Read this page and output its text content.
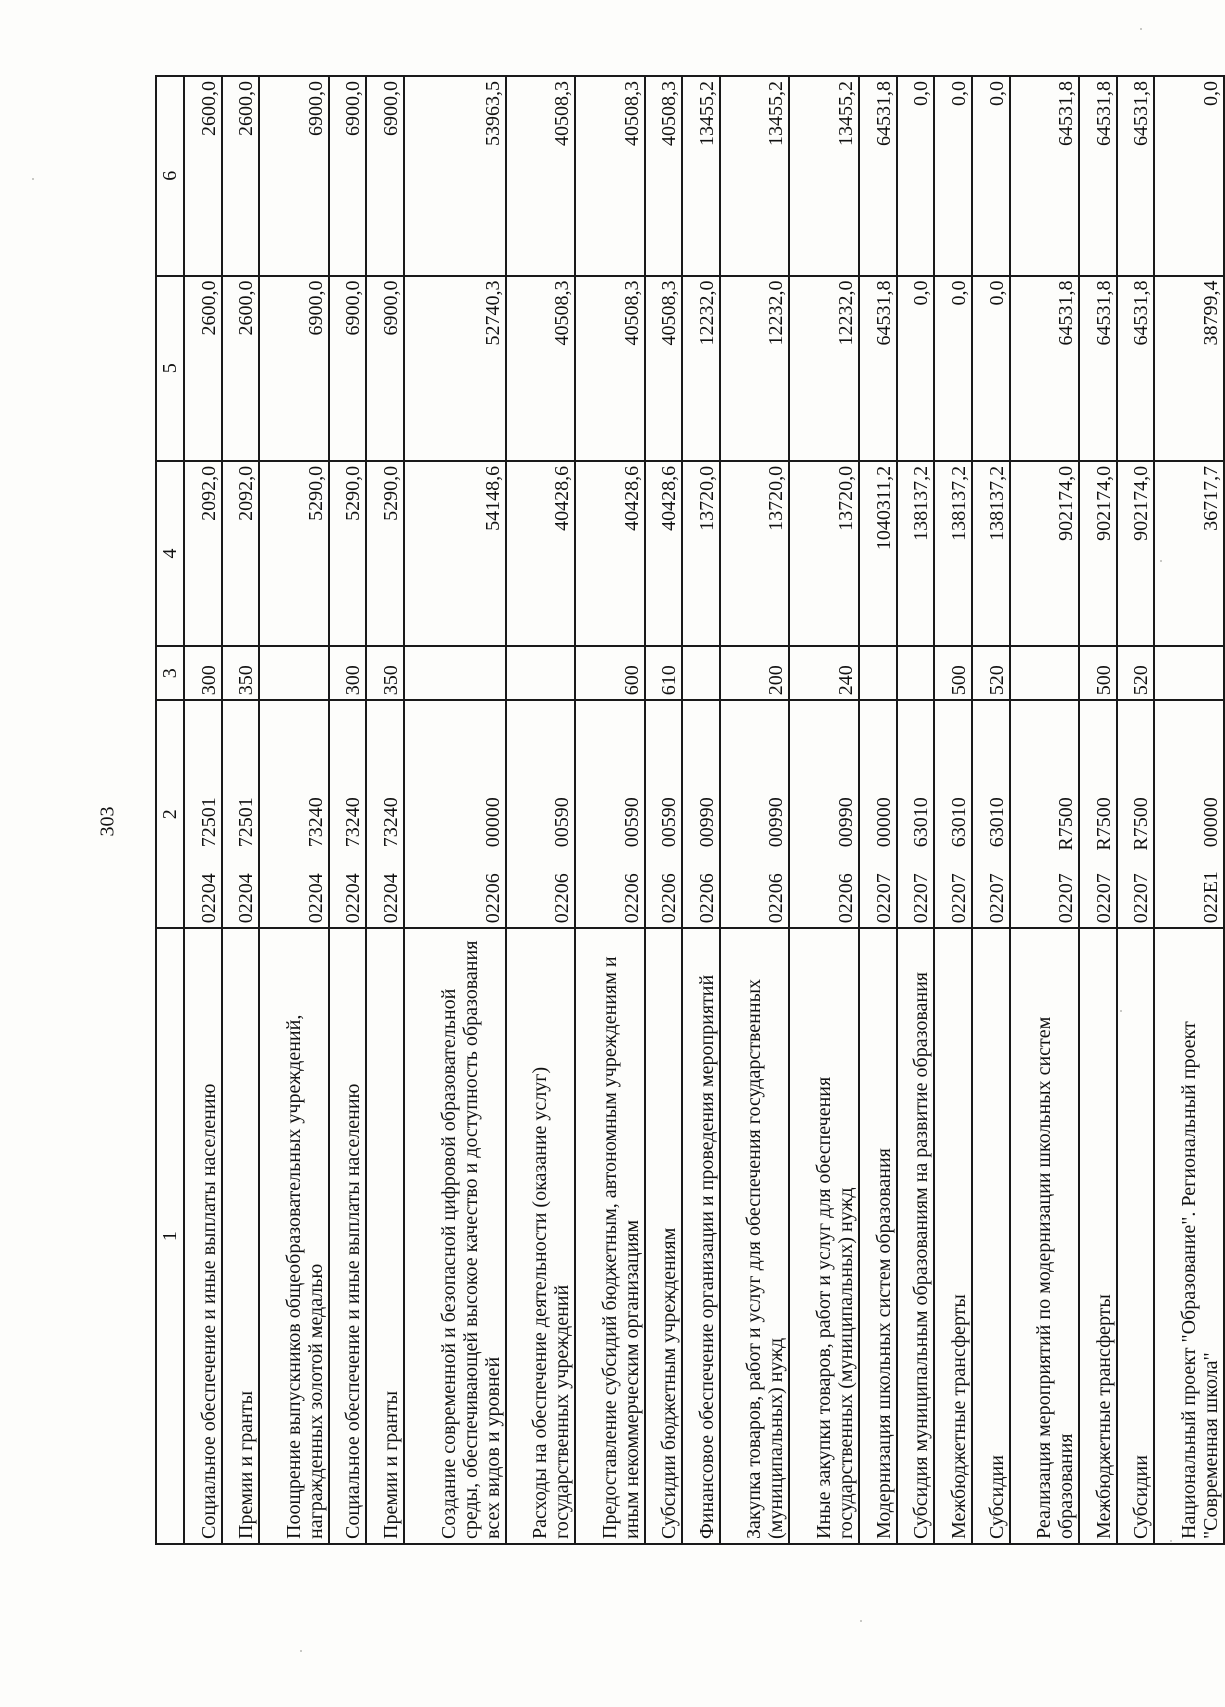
303
1	2	3	4	5	6
Социальное обеспечение и иные выплаты населению	0220472501	300	2092,0	2600,0	2600,0
Премии и гранты	0220472501	350	2092,0	2600,0	2600,0
Поощрение выпускников общеобразовательных учреждений, награжденных золотой медалью	0220473240		5290,0	6900,0	6900,0
Социальное обеспечение и иные выплаты населению	0220473240	300	5290,0	6900,0	6900,0
Премии и гранты	0220473240	350	5290,0	6900,0	6900,0
Создание современной и безопасной цифровой образовательной среды, обеспечивающей высокое качество и доступность образования всех видов и уровней	0220600000		54148,6	52740,3	53963,5
Расходы на обеспечение деятельности (оказание услуг) государственных учреждений	0220600590		40428,6	40508,3	40508,3
Предоставление субсидий бюджетным, автономным учреждениям и иным некоммерческим организациям	0220600590	600	40428,6	40508,3	40508,3
Субсидии бюджетным учреждениям	0220600590	610	40428,6	40508,3	40508,3
Финансовое обеспечение организации и проведения мероприятий	0220600990		13720,0	12232,0	13455,2
Закупка товаров, работ и услуг для обеспечения государственных (муниципальных) нужд	0220600990	200	13720,0	12232,0	13455,2
Иные закупки товаров, работ и услуг для обеспечения государственных (муниципальных) нужд	0220600990	240	13720,0	12232,0	13455,2
Модернизация школьных систем образования	0220700000		1040311,2	64531,8	64531,8
Субсидия муниципальным образованиям на развитие образования	0220763010		138137,2	0,0	0,0
Межбюджетные трансферты	0220763010	500	138137,2	0,0	0,0
Субсидии	0220763010	520	138137,2	0,0	0,0
Реализация мероприятий по модернизации школьных систем образования	02207R7500		902174,0	64531,8	64531,8
Межбюджетные трансферты	02207R7500	500	902174,0	64531,8	64531,8
Субсидии	02207R7500	520	902174,0	64531,8	64531,8
Национальный проект "Образование". Региональный проект "Современная школа"	022E100000		36717,7	38799,4	0,0
